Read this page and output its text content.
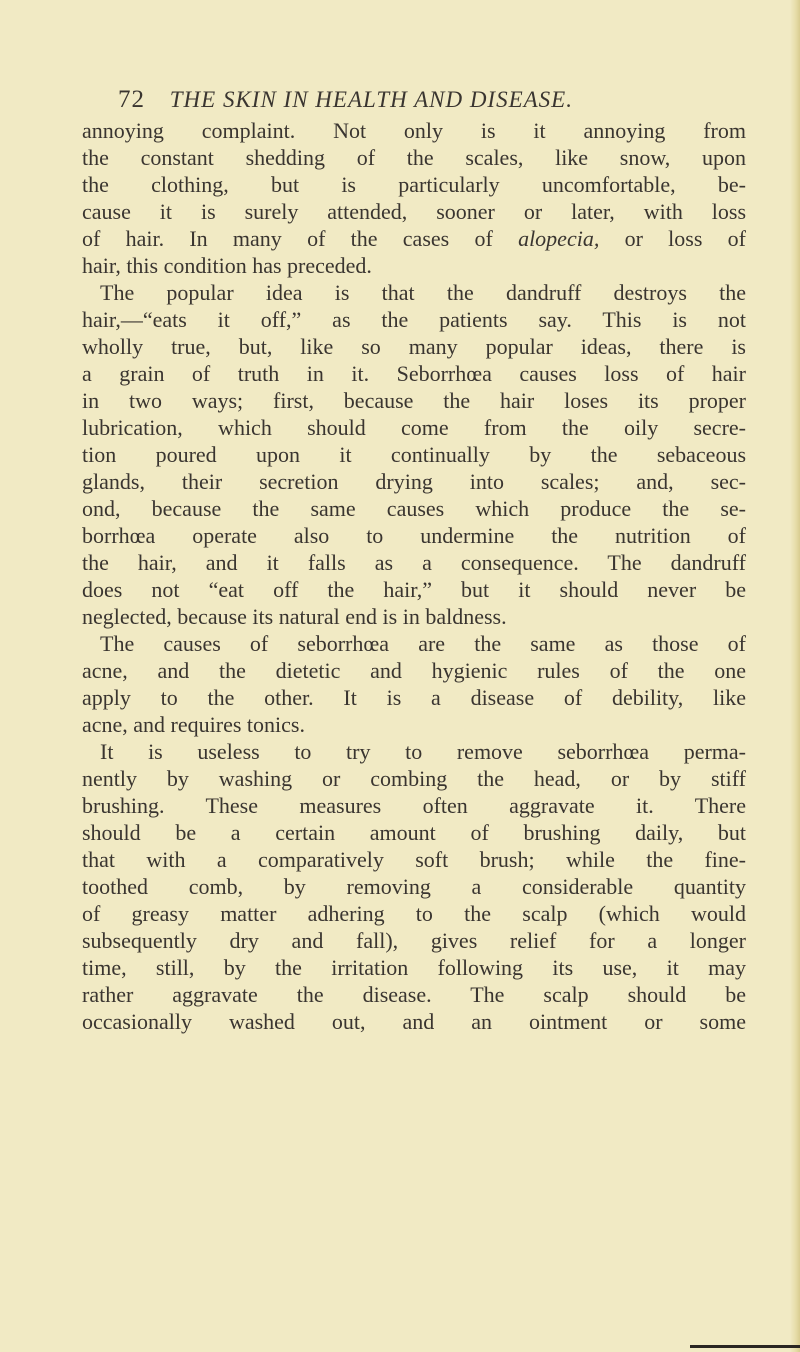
72 THE SKIN IN HEALTH AND DISEASE.
annoying complaint. Not only is it annoying from
the constant shedding of the scales, like snow, upon
the clothing, but is particularly uncomfortable, be-
cause it is surely attended, sooner or later, with loss
of hair. In many of the cases of alopecia, or loss of
hair, this condition has preceded.
The popular idea is that the dandruff destroys the
hair,—“eats it off,” as the patients say. This is not
wholly true, but, like so many popular ideas, there is
a grain of truth in it. Seborrhœa causes loss of hair
in two ways; first, because the hair loses its proper
lubrication, which should come from the oily secre-
tion poured upon it continually by the sebaceous
glands, their secretion drying into scales; and, sec-
ond, because the same causes which produce the se-
borrhœa operate also to undermine the nutrition of
the hair, and it falls as a consequence. The dandruff
does not “eat off the hair,” but it should never be
neglected, because its natural end is in baldness.
The causes of seborrhœa are the same as those of
acne, and the dietetic and hygienic rules of the one
apply to the other. It is a disease of debility, like
acne, and requires tonics.
It is useless to try to remove seborrhœa perma-
nently by washing or combing the head, or by stiff
brushing. These measures often aggravate it. There
should be a certain amount of brushing daily, but
that with a comparatively soft brush; while the fine-
toothed comb, by removing a considerable quantity
of greasy matter adhering to the scalp (which would
subsequently dry and fall), gives relief for a longer
time, still, by the irritation following its use, it may
rather aggravate the disease. The scalp should be
occasionally washed out, and an ointment or some
